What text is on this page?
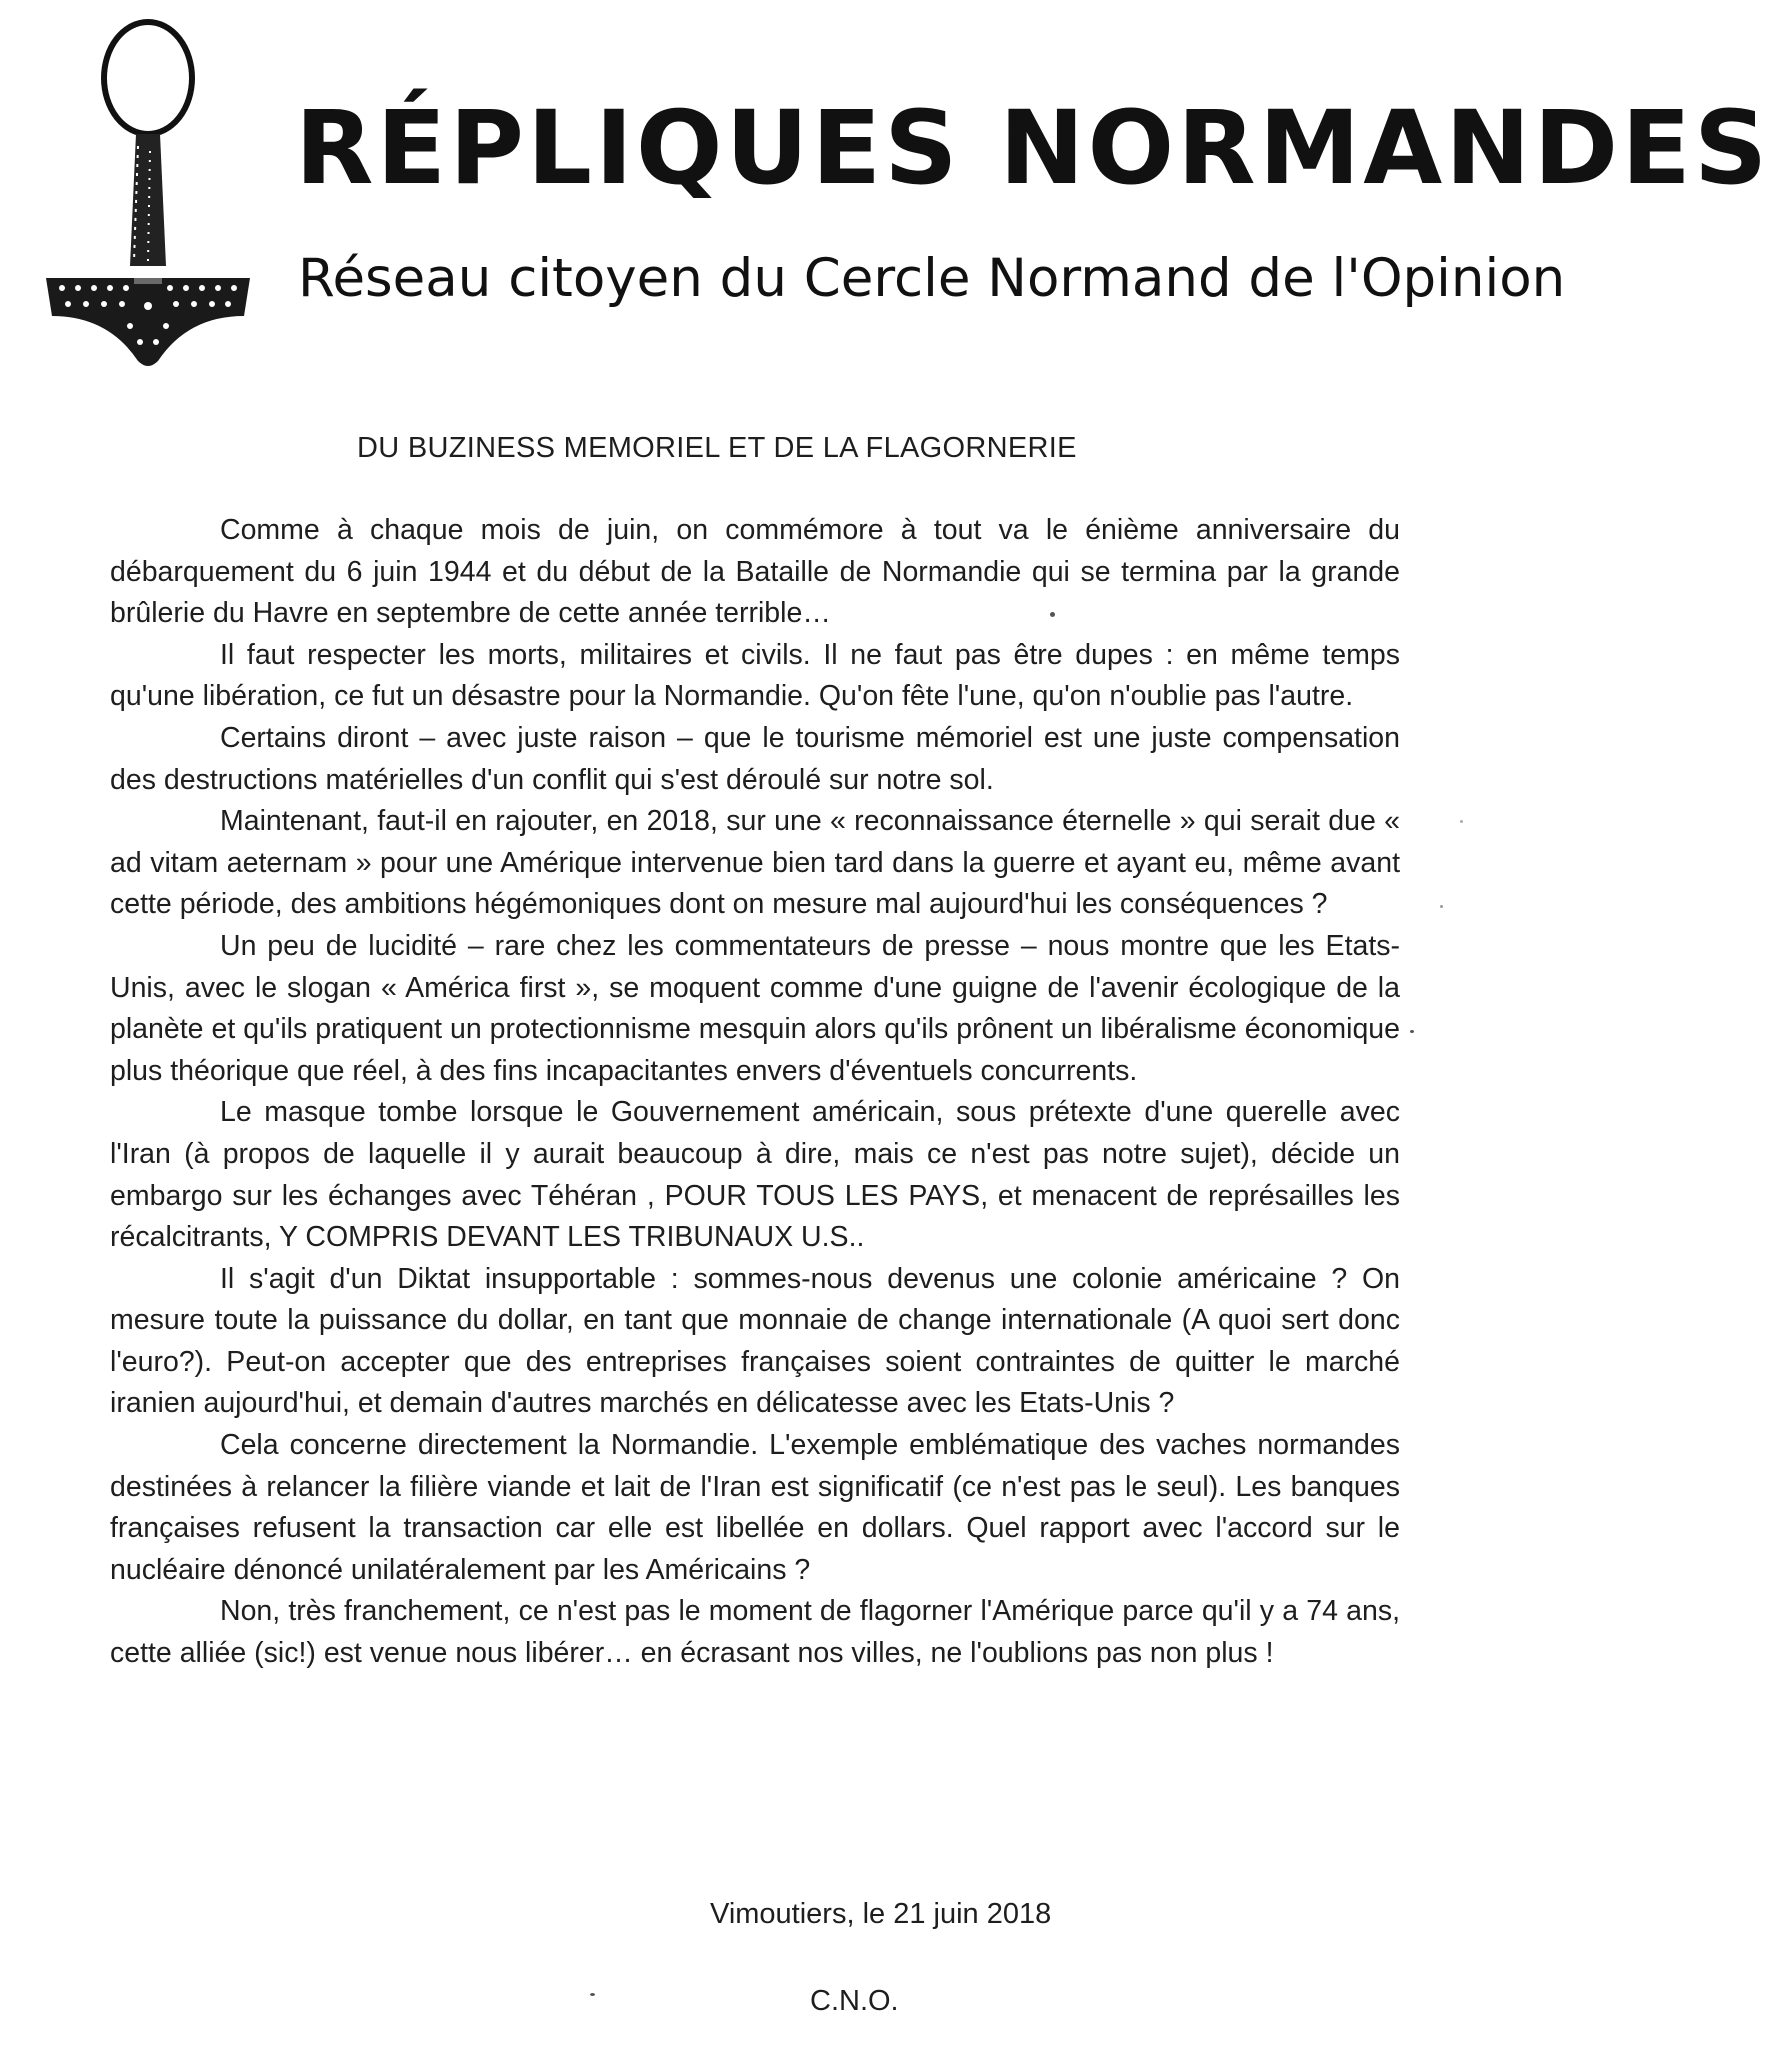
RÉPLIQUES NORMANDES
Réseau citoyen du Cercle Normand de l'Opinion
DU BUZINESS MEMORIEL ET DE LA FLAGORNERIE

Comme à chaque mois de juin, on commémore à tout va le énième anniversaire du débarquement du 6 juin 1944 et du début de la Bataille de Normandie qui se termina par la grande brûlerie du Havre en septembre de cette année terrible…

Il faut respecter les morts, militaires et civils. Il ne faut pas être dupes : en même temps qu'une libération, ce fut un désastre pour la Normandie. Qu'on fête l'une, qu'on n'oublie pas l'autre.

Certains diront – avec juste raison – que le tourisme mémoriel est une juste compensation des destructions matérielles d'un conflit qui s'est déroulé sur notre sol.

Maintenant, faut-il en rajouter, en 2018, sur une « reconnaissance éternelle » qui serait due « ad vitam aeternam » pour une Amérique intervenue bien tard dans la guerre et ayant eu, même avant cette période, des ambitions hégémoniques dont on mesure mal aujourd'hui les conséquences ?

Un peu de lucidité – rare chez les commentateurs de presse – nous montre que les Etats-Unis, avec le slogan « América first », se moquent comme d'une guigne de l'avenir écologique de la planète et qu'ils pratiquent un protectionnisme mesquin alors qu'ils prônent un libéralisme économique plus théorique que réel, à des fins incapacitantes envers d'éventuels concurrents.

Le masque tombe lorsque le Gouvernement américain, sous prétexte d'une querelle avec l'Iran (à propos de laquelle il y aurait beaucoup à dire, mais ce n'est pas notre sujet), décide un embargo sur les échanges avec Téhéran , POUR TOUS LES PAYS, et menacent de représailles les récalcitrants, Y COMPRIS DEVANT LES TRIBUNAUX U.S..

Il s'agit d'un Diktat insupportable : sommes-nous devenus une colonie américaine ? On mesure toute la puissance du dollar, en tant que monnaie de change internationale (A quoi sert donc l'euro?). Peut-on accepter que des entreprises françaises soient contraintes de quitter le marché iranien aujourd'hui, et demain d'autres marchés en délicatesse avec les Etats-Unis ?

Cela concerne directement la Normandie. L'exemple emblématique des vaches normandes destinées à relancer la filière viande et lait de l'Iran est significatif (ce n'est pas le seul). Les banques françaises refusent la transaction car elle est libellée en dollars. Quel rapport avec l'accord sur le nucléaire dénoncé unilatéralement par les Américains ?

Non, très franchement, ce n'est pas le moment de flagorner l'Amérique parce qu'il y a 74 ans, cette alliée (sic!) est venue nous libérer… en écrasant nos villes, ne l'oublions pas non plus !

Vimoutiers, le 21 juin 2018
C.N.O.
